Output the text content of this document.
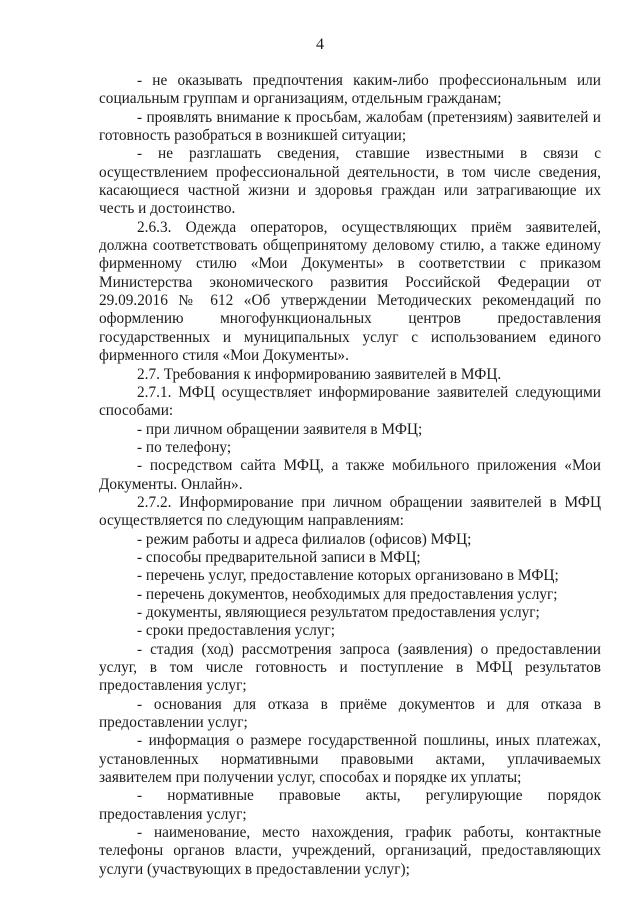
4

- не оказывать предпочтения каким-либо профессиональным или социальным группам и организациям, отдельным гражданам;

- проявлять внимание к просьбам, жалобам (претензиям) заявителей и готовность разобраться в возникшей ситуации;

- не разглашать сведения, ставшие известными в связи с осуществлением профессиональной деятельности, в том числе сведения, касающиеся частной жизни и здоровья граждан или затрагивающие их честь и достоинство.

2.6.3. Одежда операторов, осуществляющих приём заявителей, должна соответствовать общепринятому деловому стилю, а также единому фирменному стилю «Мои Документы» в соответствии с приказом Министерства экономического развития Российской Федерации от 29.09.2016 № 612 «Об утверждении Методических рекомендаций по оформлению многофункциональных центров предоставления государственных и муниципальных услуг с использованием единого фирменного стиля «Мои Документы».

2.7. Требования к информированию заявителей в МФЦ.

2.7.1. МФЦ осуществляет информирование заявителей следующими способами:

- при личном обращении заявителя в МФЦ;

- по телефону;

- посредством сайта МФЦ, а также мобильного приложения «Мои Документы. Онлайн».

2.7.2. Информирование при личном обращении заявителей в МФЦ осуществляется по следующим направлениям:

- режим работы и адреса филиалов (офисов) МФЦ;

- способы предварительной записи в МФЦ;

- перечень услуг, предоставление которых организовано в МФЦ;

- перечень документов, необходимых для предоставления услуг;

- документы, являющиеся результатом предоставления услуг;

- сроки предоставления услуг;

- стадия (ход) рассмотрения запроса (заявления) о предоставлении услуг, в том числе готовность и поступление в МФЦ результатов предоставления услуг;

- основания для отказа в приёме документов и для отказа в предоставлении услуг;

- информация о размере государственной пошлины, иных платежах, установленных нормативными правовыми актами, уплачиваемых заявителем при получении услуг, способах и порядке их уплаты;

- нормативные правовые акты, регулирующие порядок предоставления услуг;

- наименование, место нахождения, график работы, контактные телефоны органов власти, учреждений, организаций, предоставляющих услуги (участвующих в предоставлении услуг);
